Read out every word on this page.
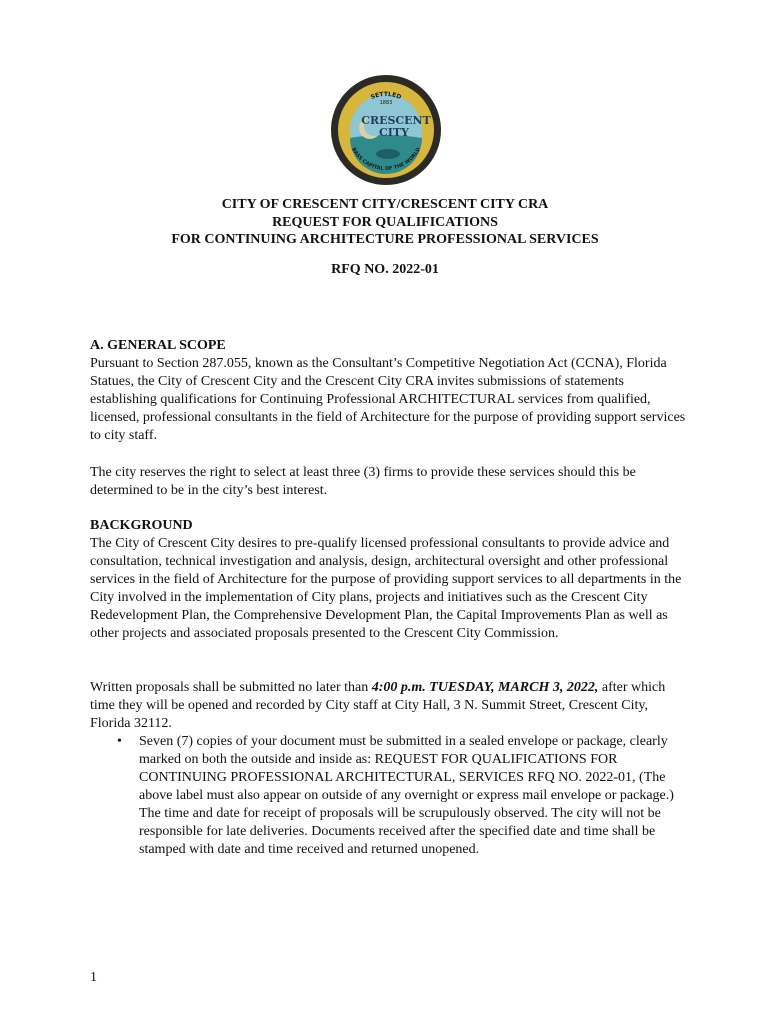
SETTLED
1883
CRESCENT
CITY
BASS CAPITAL OF THE WORLD
CITY OF CRESCENT CITY/CRESCENT CITY CRA
REQUEST FOR QUALIFICATIONS
FOR CONTINUING ARCHITECTURE PROFESSIONAL SERVICES
RFQ NO. 2022-01

A. GENERAL SCOPE

Pursuant to Section 287.055, known as the Consultant’s Competitive Negotiation Act (CCNA), Florida Statues, the City of Crescent City and the Crescent City CRA invites submissions of statements establishing qualifications for Continuing Professional ARCHITECTURAL services from qualified, licensed, professional consultants in the field of Architecture for the purpose of providing support services to city staff.

The city reserves the right to select at least three (3) firms to provide these services should this be determined to be in the city’s best interest.

BACKGROUND

The City of Crescent City desires to pre-qualify licensed professional consultants to provide advice and consultation, technical investigation and analysis, design, architectural oversight and other professional services in the field of Architecture for the purpose of providing support services to all departments in the City involved in the implementation of City plans, projects and initiatives such as the Crescent City Redevelopment Plan, the Comprehensive Development Plan, the Capital Improvements Plan as well as other projects and associated proposals presented to the Crescent City Commission.

Written proposals shall be submitted no later than 4:00 p.m. TUESDAY, MARCH 3, 2022, after which time they will be opened and recorded by City staff at City Hall, 3 N. Summit Street, Crescent City, Florida 32112.

•	Seven (7) copies of your document must be submitted in a sealed envelope or package, clearly marked on both the outside and inside as: REQUEST FOR QUALIFICATIONS FOR CONTINUING PROFESSIONAL ARCHITECTURAL, SERVICES RFQ NO. 2022-01, (The above label must also appear on outside of any overnight or express mail envelope or package.) The time and date for receipt of proposals will be scrupulously observed. The city will not be responsible for late deliveries. Documents received after the specified date and time shall be stamped with date and time received and returned unopened.

1
